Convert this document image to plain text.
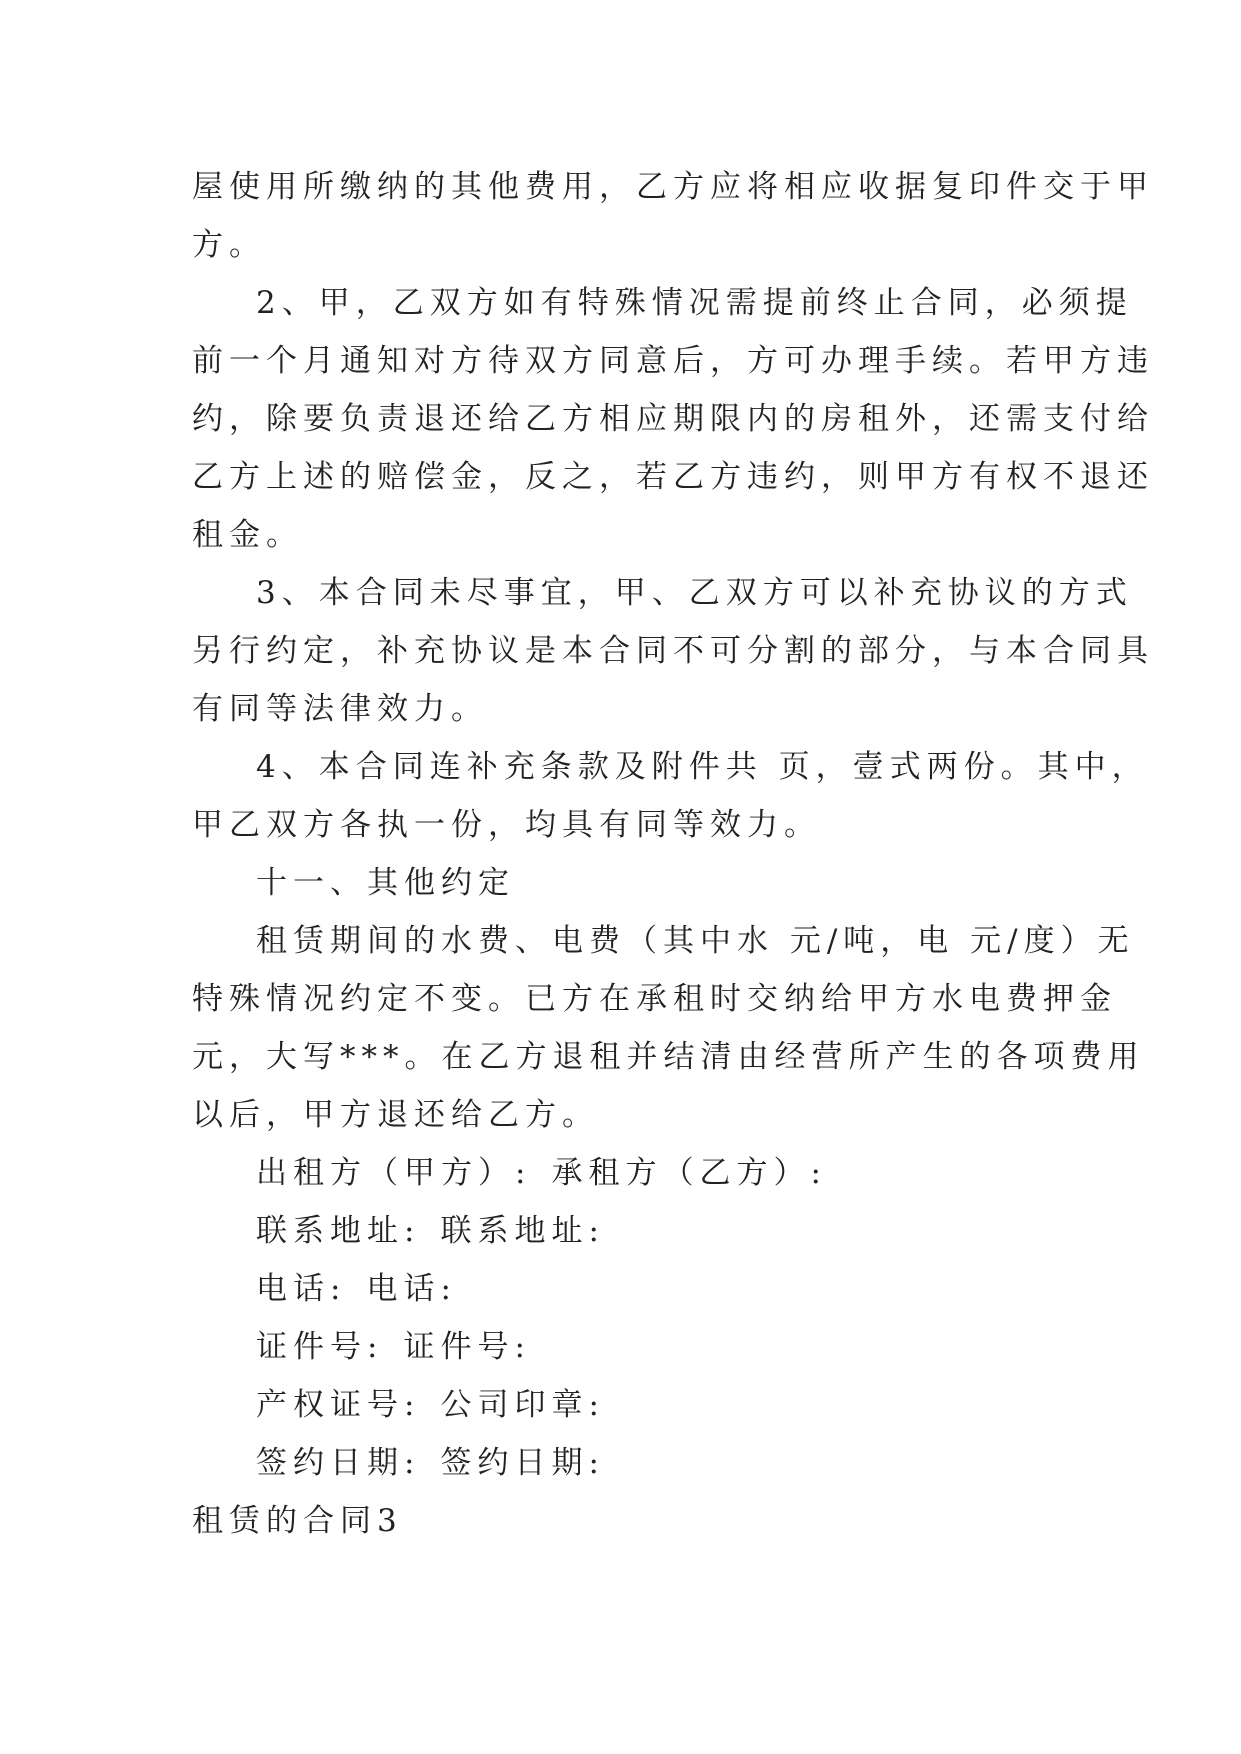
屋使用所缴纳的其他费用，乙方应将相应收据复印件交于甲
方。
2、甲，乙双方如有特殊情况需提前终止合同，必须提
前一个月通知对方待双方同意后，方可办理手续。若甲方违
约，除要负责退还给乙方相应期限内的房租外，还需支付给
乙方上述的赔偿金，反之，若乙方违约，则甲方有权不退还
租金。
3、本合同未尽事宜，甲、乙双方可以补充协议的方式
另行约定，补充协议是本合同不可分割的部分，与本合同具
有同等法律效力。
4、本合同连补充条款及附件共 页，壹式两份。其中，
甲乙双方各执一份，均具有同等效力。
十一、其他约定
租赁期间的水费、电费（其中水 元/吨，电 元/度）无
特殊情况约定不变。已方在承租时交纳给甲方水电费押金
元，大写***。在乙方退租并结清由经营所产生的各项费用
以后，甲方退还给乙方。
出租方（甲方）: 承租方（乙方）:
联系地址: 联系地址:
电话: 电话:
证件号: 证件号:
产权证号: 公司印章:
签约日期: 签约日期:
租赁的合同3
